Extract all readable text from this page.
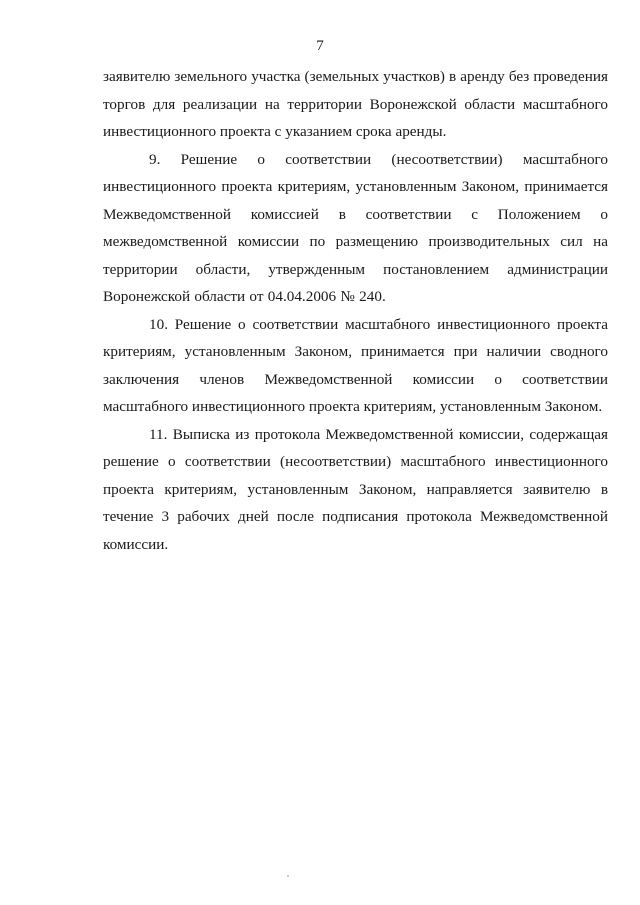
7

заявителю земельного участка (земельных участков) в аренду без проведения торгов для реализации на территории Воронежской области масштабного инвестиционного проекта с указанием срока аренды.

9. Решение о соответствии (несоответствии) масштабного инвестиционного проекта критериям, установленным Законом, принимается Межведомственной комиссией в соответствии с Положением о межведомственной комиссии по размещению производительных сил на территории области, утвержденным постановлением администрации Воронежской области от 04.04.2006 № 240.

10. Решение о соответствии масштабного инвестиционного проекта критериям, установленным Законом, принимается при наличии сводного заключения членов Межведомственной комиссии о соответствии масштабного инвестиционного проекта критериям, установленным Законом.

11. Выписка из протокола Межведомственной комиссии, содержащая решение о соответствии (несоответствии) масштабного инвестиционного проекта критериям, установленным Законом, направляется заявителю в течение 3 рабочих дней после подписания протокола Межведомственной комиссии.
